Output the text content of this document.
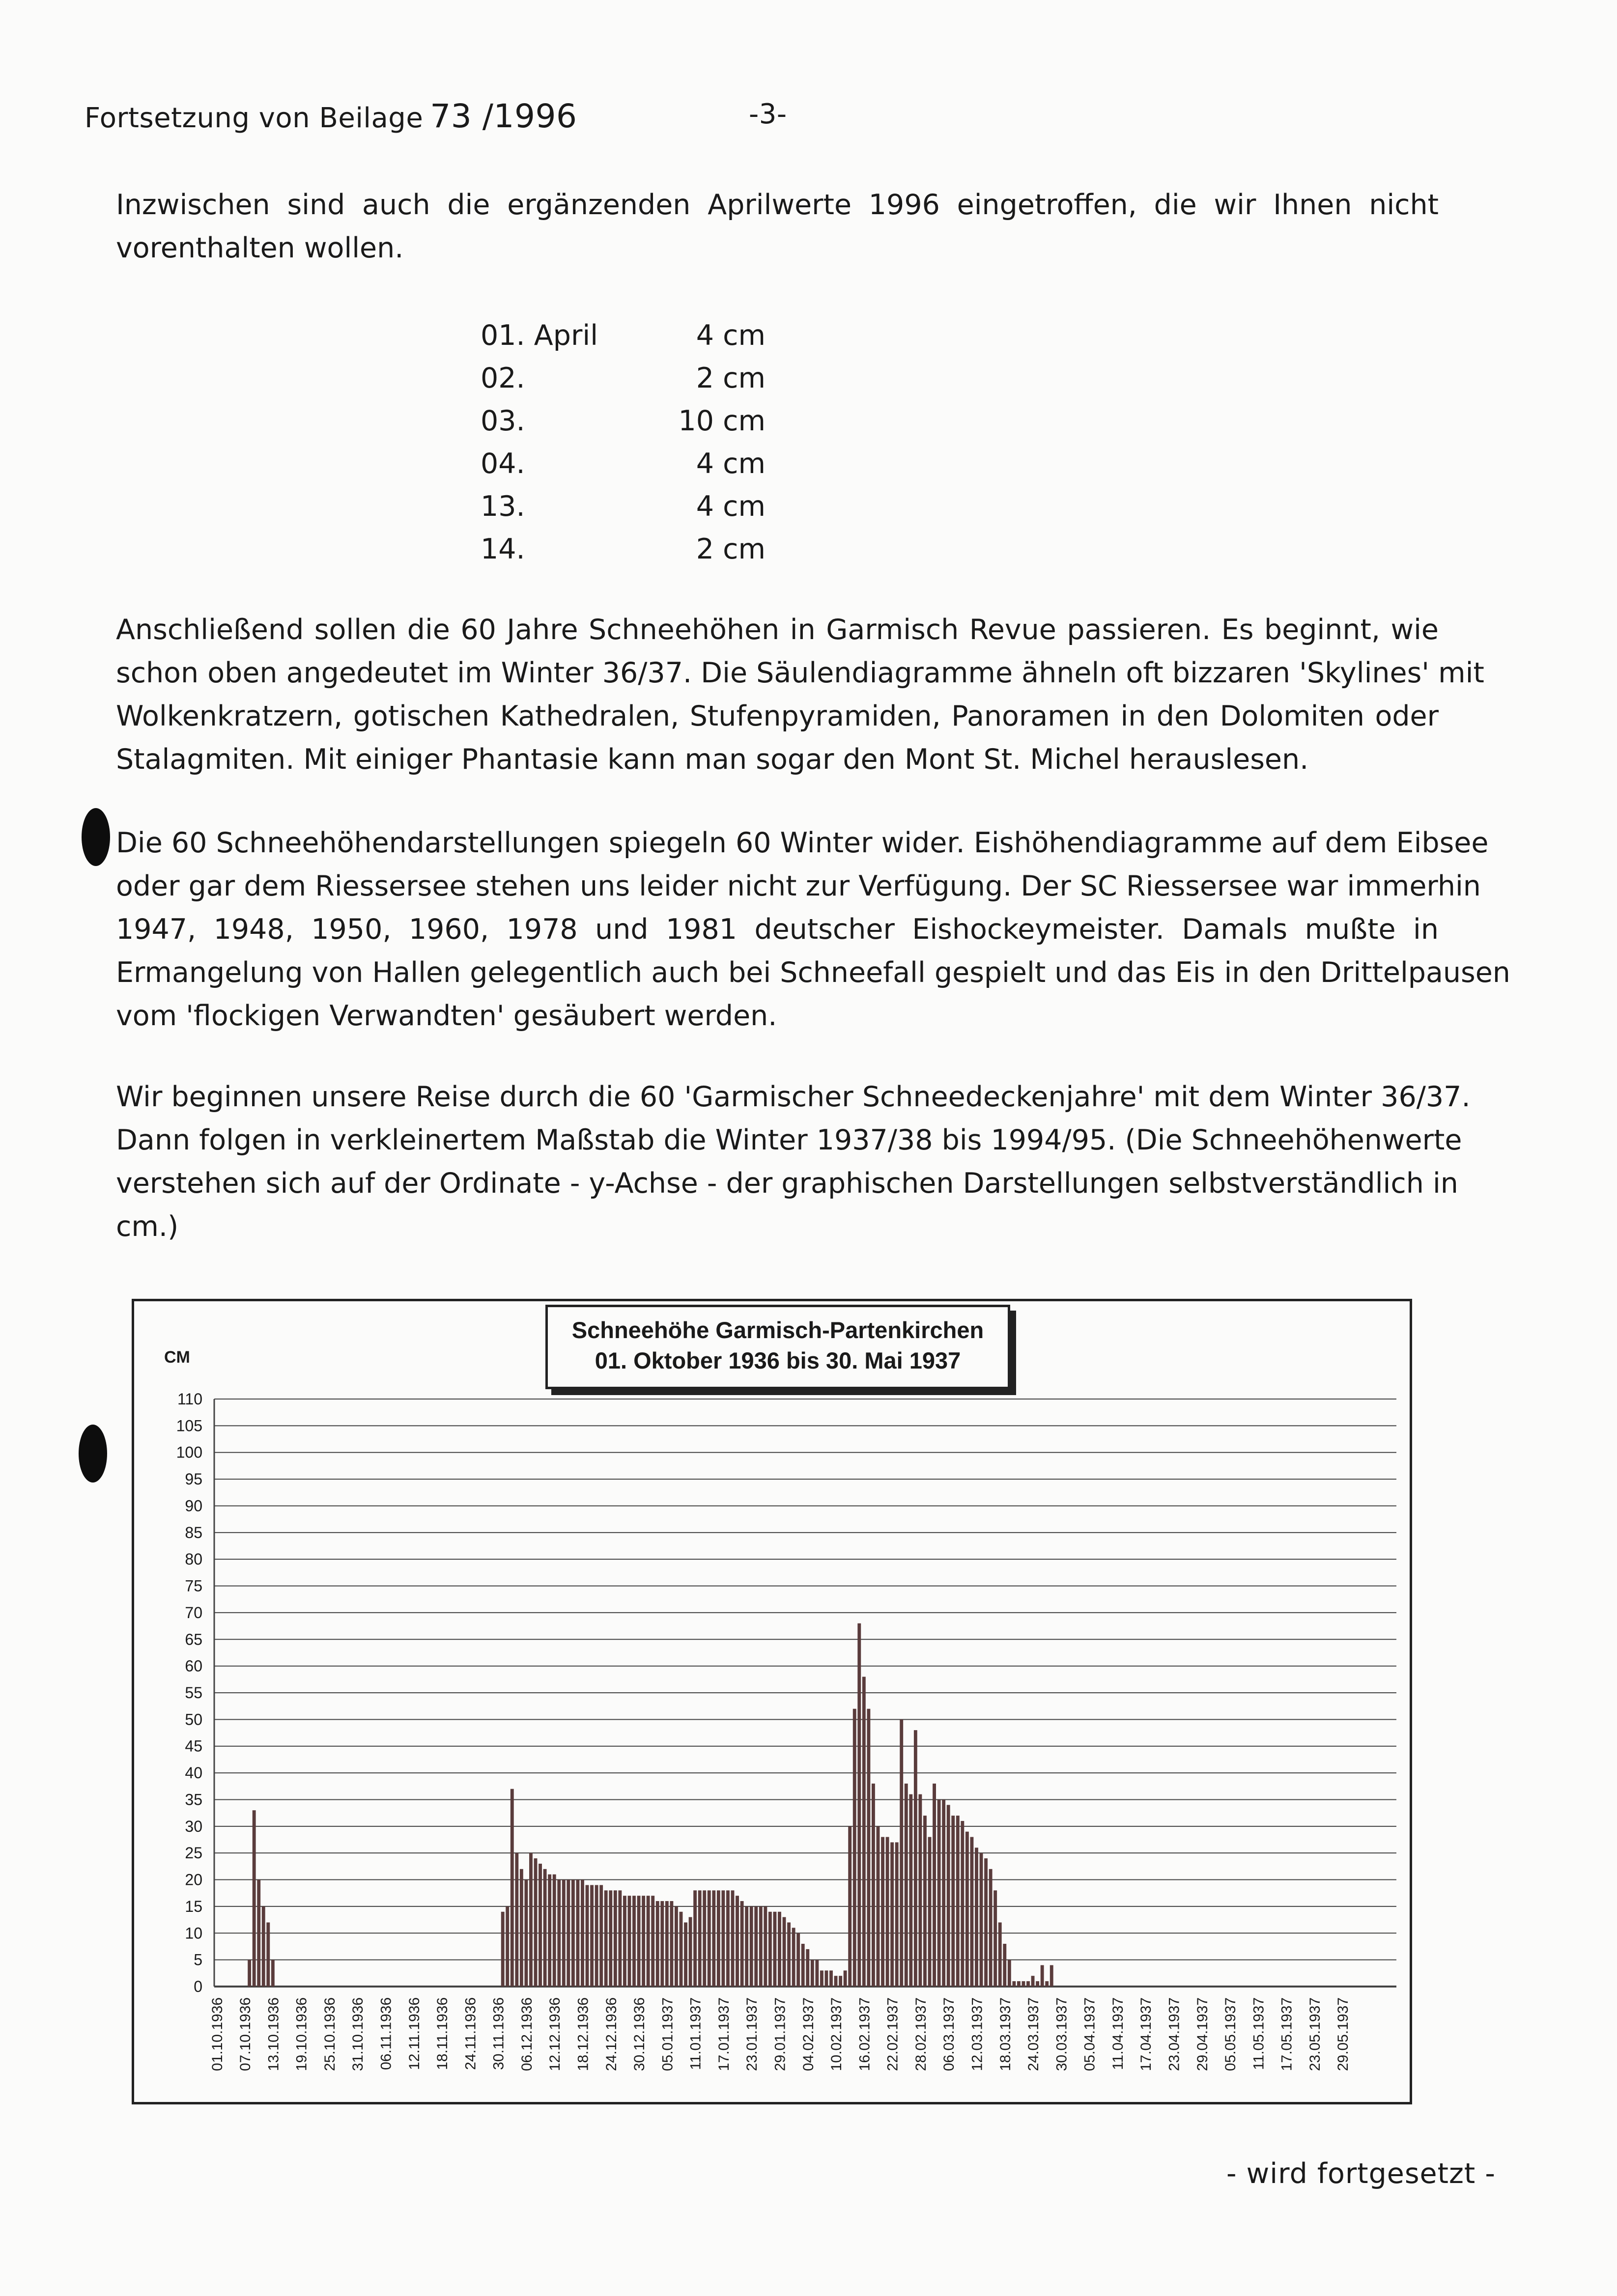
Fortsetzung von Beilage 73 /1996	-3-
Inzwischen sind auch die ergänzenden Aprilwerte 1996 eingetroffen, die wir Ihnen nicht
vorenthalten wollen.
01. April	4 cm
02.	2 cm
03.	10 cm
04.	4 cm
13.	4 cm
14.	2 cm
Anschließend sollen die 60 Jahre Schneehöhen in Garmisch Revue passieren. Es beginnt, wie
schon oben angedeutet im Winter 36/37. Die Säulendiagramme ähneln oft bizzaren 'Skylines' mit
Wolkenkratzern, gotischen Kathedralen, Stufenpyramiden, Panoramen in den Dolomiten oder
Stalagmiten. Mit einiger Phantasie kann man sogar den Mont St. Michel herauslesen.
Die 60 Schneehöhendarstellungen spiegeln 60 Winter wider. Eishöhendiagramme auf dem Eibsee
oder gar dem Riessersee stehen uns leider nicht zur Verfügung. Der SC Riessersee war immerhin
1947, 1948, 1950, 1960, 1978 und 1981 deutscher Eishockeymeister. Damals mußte in
Ermangelung von Hallen gelegentlich auch bei Schneefall gespielt und das Eis in den Drittelpausen
vom 'flockigen Verwandten' gesäubert werden.
Wir beginnen unsere Reise durch die 60 'Garmischer Schneedeckenjahre' mit dem Winter 36/37.
Dann folgen in verkleinertem Maßstab die Winter 1937/38 bis 1994/95. (Die Schneehöhenwerte
verstehen sich auf der Ordinate - y-Achse - der graphischen Darstellungen selbstverständlich in
cm.)
0
5
10
15
20
25
30
35
40
45
50
55
60
65
70
75
80
85
90
95
100
105
110
01.10.1936 07.10.1936 13.10.1936 19.10.1936 25.10.1936 31.10.1936 06.11.1936 12.11.1936 18.11.1936 24.11.1936 30.11.1936 06.12.1936 12.12.1936 18.12.1936 24.12.1936 30.12.1936 05.01.1937 11.01.1937 17.01.1937 23.01.1937 29.01.1937 04.02.1937 10.02.1937 16.02.1937 22.02.1937 28.02.1937 06.03.1937 12.03.1937 18.03.1937 24.03.1937 30.03.1937 05.04.1937 11.04.1937 17.04.1937 23.04.1937 29.04.1937 05.05.1937 11.05.1937 17.05.1937 23.05.1937 29.05.1937
Schneehöhe Garmisch-Partenkirchen
01. Oktober 1936 bis 30. Mai 1937
CM
- wird fortgesetzt -
